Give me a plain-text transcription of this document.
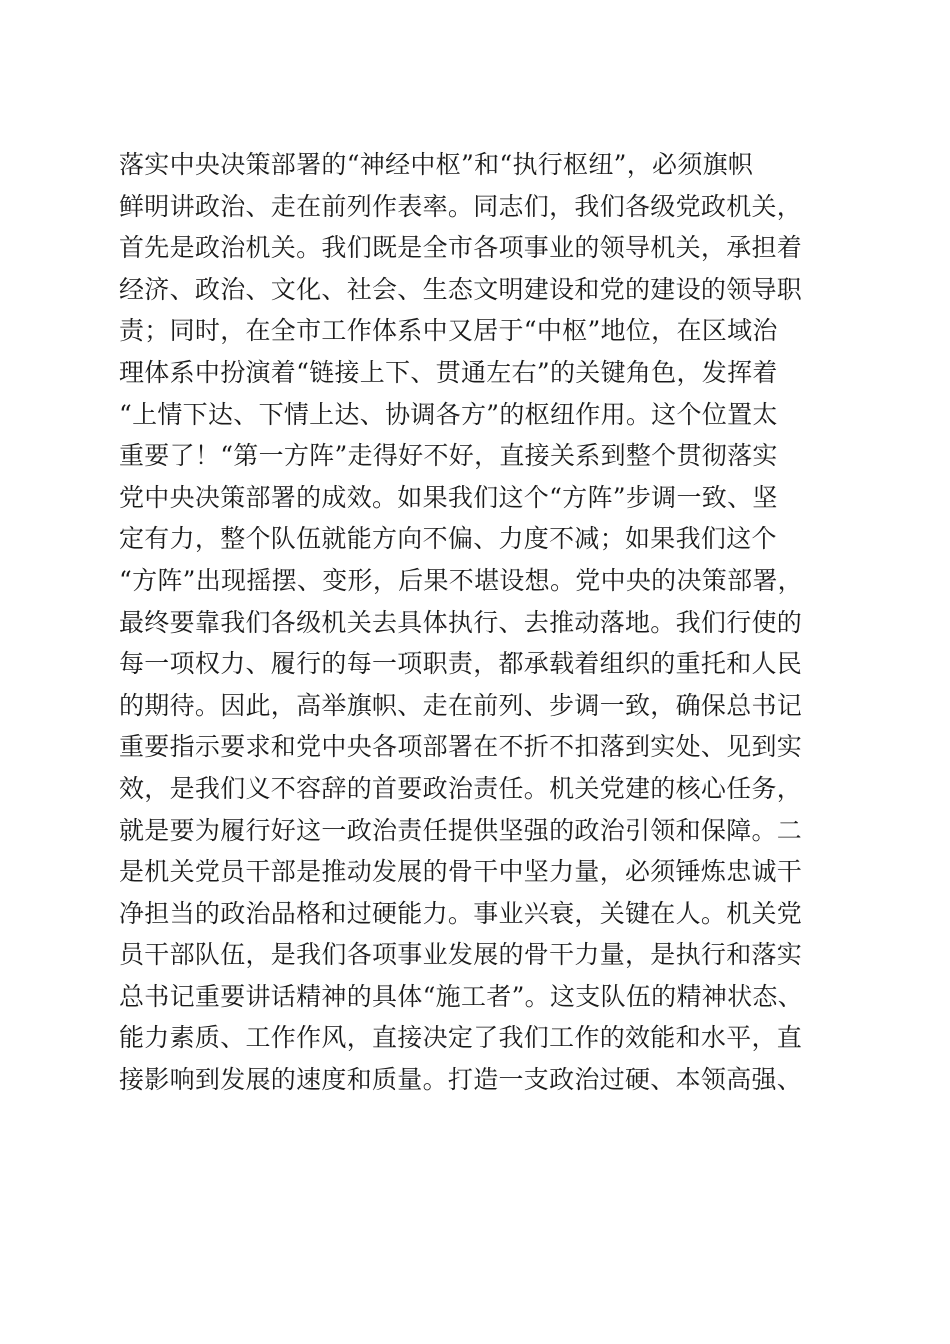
落实中央决策部署的“神经中枢”和“执行枢纽”，必须旗帜
鲜明讲政治、走在前列作表率。同志们，我们各级党政机关，
首先是政治机关。我们既是全市各项事业的领导机关，承担着
经济、政治、文化、社会、生态文明建设和党的建设的领导职
责；同时，在全市工作体系中又居于“中枢”地位，在区域治
理体系中扮演着“链接上下、贯通左右”的关键角色，发挥着
“上情下达、下情上达、协调各方”的枢纽作用。这个位置太
重要了！“第一方阵”走得好不好，直接关系到整个贯彻落实
党中央决策部署的成效。如果我们这个“方阵”步调一致、坚
定有力，整个队伍就能方向不偏、力度不减；如果我们这个
“方阵”出现摇摆、变形，后果不堪设想。党中央的决策部署，
最终要靠我们各级机关去具体执行、去推动落地。我们行使的
每一项权力、履行的每一项职责，都承载着组织的重托和人民
的期待。因此，高举旗帜、走在前列、步调一致，确保总书记
重要指示要求和党中央各项部署在不折不扣落到实处、见到实
效，是我们义不容辞的首要政治责任。机关党建的核心任务，
就是要为履行好这一政治责任提供坚强的政治引领和保障。二
是机关党员干部是推动发展的骨干中坚力量，必须锤炼忠诚干
净担当的政治品格和过硬能力。事业兴衰，关键在人。机关党
员干部队伍，是我们各项事业发展的骨干力量，是执行和落实
总书记重要讲话精神的具体“施工者”。这支队伍的精神状态、
能力素质、工作作风，直接决定了我们工作的效能和水平，直
接影响到发展的速度和质量。打造一支政治过硬、本领高强、
